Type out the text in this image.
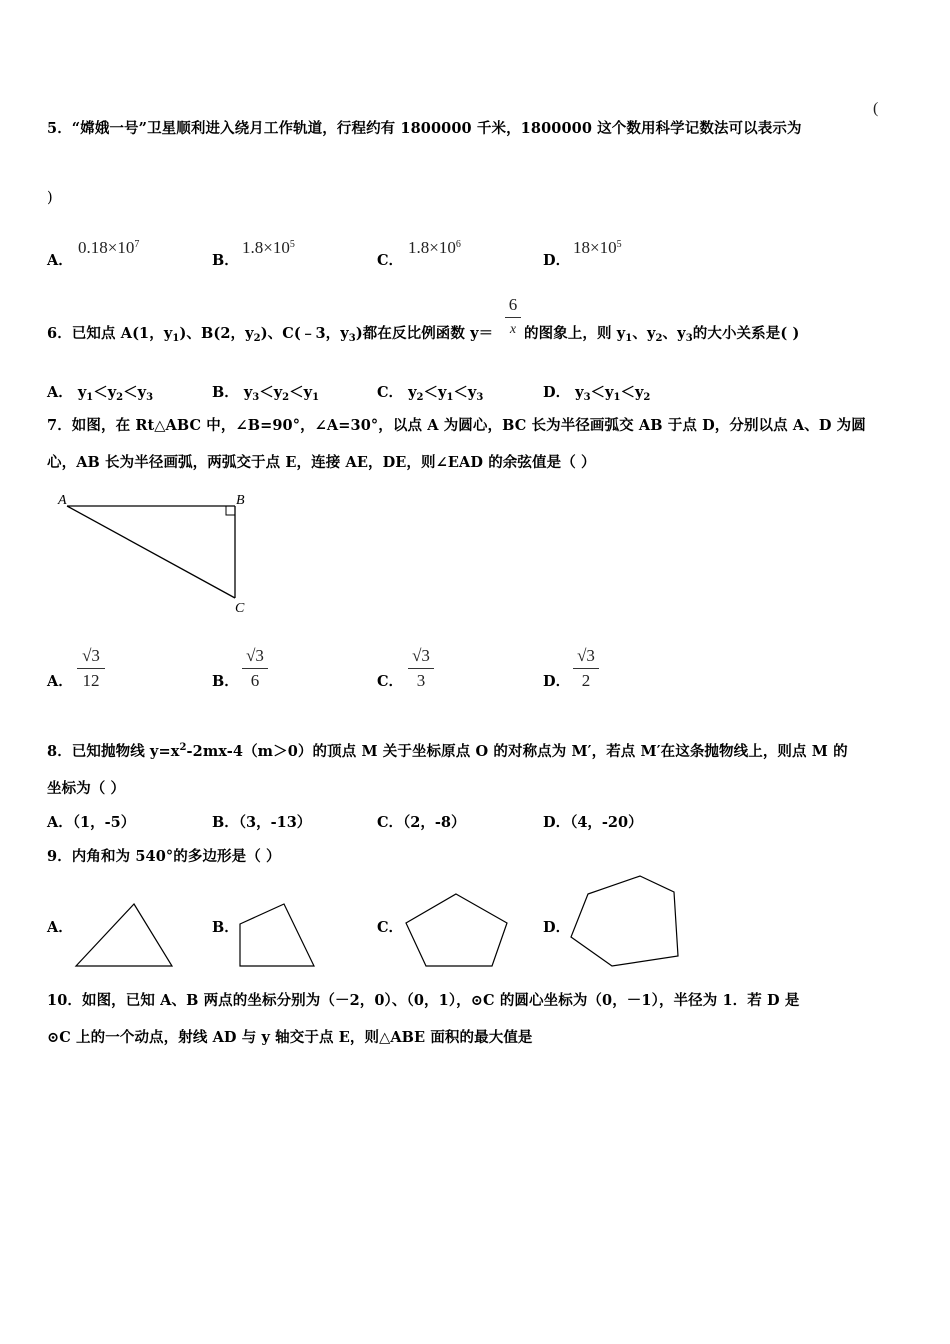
5．“嫦娥一号”卫星顺利进入绕月工作轨道，行程约有 1800000 千米，1800000 这个数用科学记数法可以表示为
(
)
A．
$0.18\times 10^7$
B．
$1.8\times 10^5$
C．
$1.8\times 10^6$
D．
$18\times 10^5$
6．已知点 A(1，$y_1$)、B(2，$y_2$)、C(﹣3，$y_3$)都在反比例函数 y＝
6
x 的图象上，则 $y_1$、$y_2$、$y_3$的大小关系是( )
A． $y_1<y_2<y_3$	B． $y_3<y_2<y_1$	C． $y_2<y_1<y_3$	D． $y_3<y_1<y_2$
7．如图，在 Rt△ABC 中，∠B=90°，∠A=30°，以点 A 为圆心，BC 长为半径画弧交 AB 于点 D，分别以点 A、D 为圆
心，AB 长为半径画弧，两弧交于点 E，连接 AE，DE，则∠EAD 的余弦值是（ ）
A	B
C
A．
√3
12	B．
√3
6	C．
√3
3	D．
√3
2
8．已知抛物线 $y=x^2-2mx-4(m>0)$的顶点 M 关于坐标原点 O 的对称点为 M′，若点 M′在这条抛物线上，则点 M 的
坐标为（ ）
A．（1，-5）	B．（3，-13）	C．（2，-8）	D．（4，-20）
9．内角和为 540°的多边形是（ ）
A．	B．	C．	D．
10．如图，已知 A、B 两点的坐标分别为（－2，0）、（0，1），⊙C 的圆心坐标为（0，－1），半径为 1．若 D 是
⊙C 上的一个动点，射线 AD 与 y 轴交于点 E，则△ABE 面积的最大值是
